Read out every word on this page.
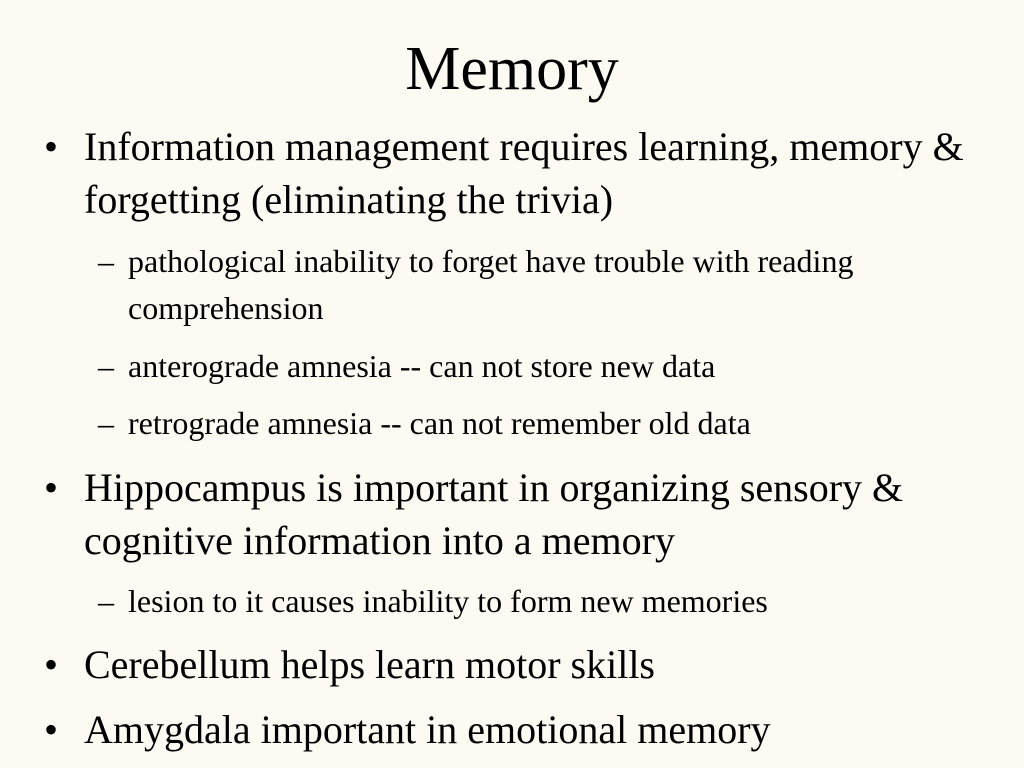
Memory
• Information management requires learning, memory & forgetting (eliminating the trivia)
– pathological inability to forget have trouble with reading comprehension
– anterograde amnesia -- can not store new data
– retrograde amnesia -- can not remember old data
• Hippocampus is important in organizing sensory & cognitive information into a memory
– lesion to it causes inability to form new memories
• Cerebellum helps learn motor skills
• Amygdala important in emotional memory
